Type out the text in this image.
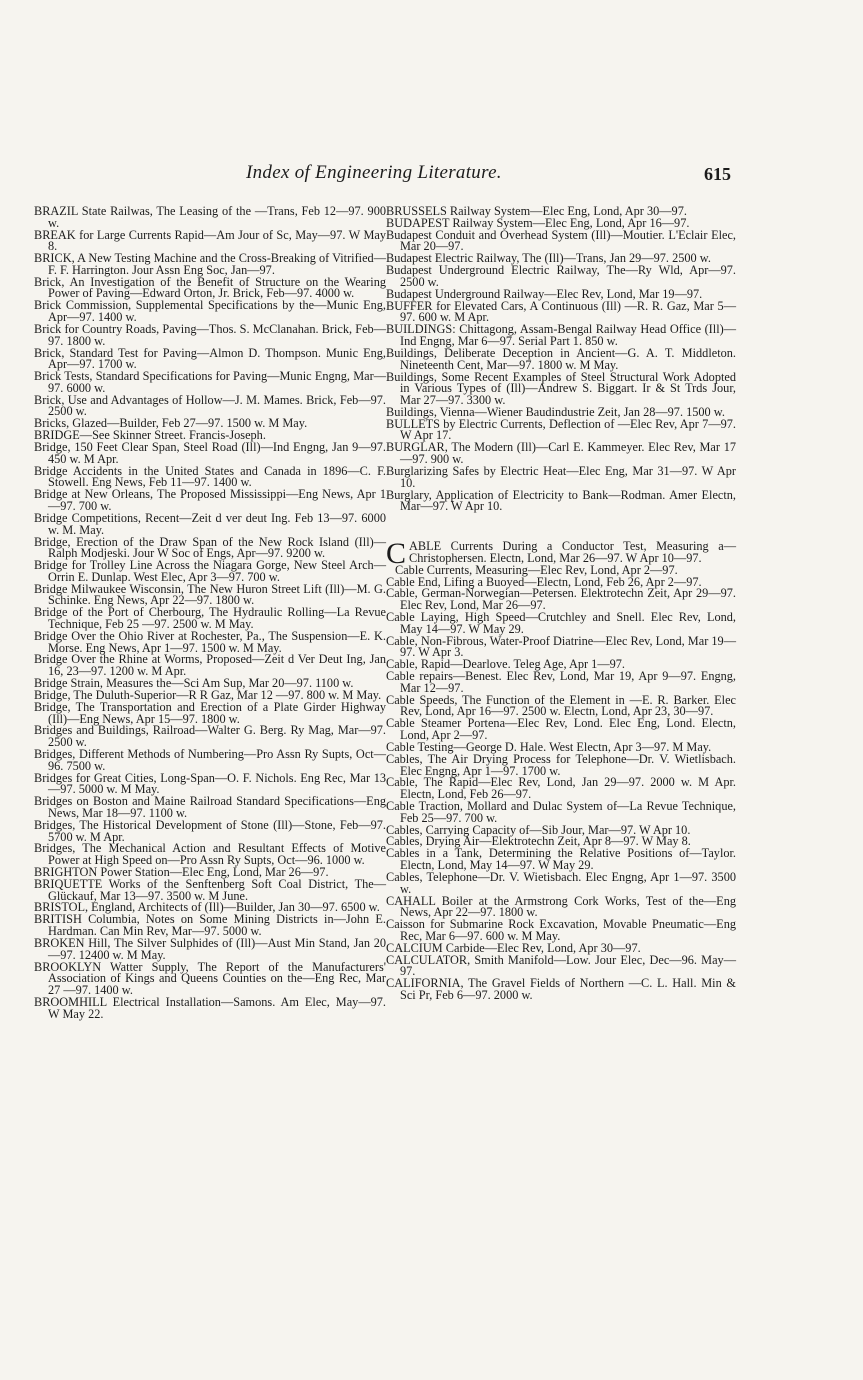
Index of Engineering Literature.	615

BRAZIL State Railwas, The Leasing of the —Trans, Feb 12—97. 900 w.

BREAK for Large Currents Rapid—Am Jour of Sc, May—97. W May 8.

BRICK, A New Testing Machine and the Cross-Breaking of Vitrified—F. F. Harrington. Jour Assn Eng Soc, Jan—97.

Brick, An Investigation of the Benefit of Structure on the Wearing Power of Paving—Edward Orton, Jr. Brick, Feb—97. 4000 w.

Brick Commission, Supplemental Specifications by the—Munic Eng, Apr—97. 1400 w.

Brick for Country Roads, Paving—Thos. S. McClanahan. Brick, Feb—97. 1800 w.

Brick, Standard Test for Paving—Almon D. Thompson. Munic Eng, Apr—97. 1700 w.

Brick Tests, Standard Specifications for Paving—Munic Engng, Mar—97. 6000 w.

Brick, Use and Advantages of Hollow—J. M. Mames. Brick, Feb—97. 2500 w.

Bricks, Glazed—Builder, Feb 27—97. 1500 w. M May.

BRIDGE—See Skinner Street. Francis-Joseph.

Bridge, 150 Feet Clear Span, Steel Road (Ill)—Ind Engng, Jan 9—97. 450 w. M Apr.

Bridge Accidents in the United States and Canada in 1896—C. F. Stowell. Eng News, Feb 11—97. 1400 w.

Bridge at New Orleans, The Proposed Mississippi—Eng News, Apr 1—97. 700 w.

Bridge Competitions, Recent—Zeit d ver deut Ing. Feb 13—97. 6000 w. M. May.

Bridge, Erection of the Draw Span of the New Rock Island (Ill)—Ralph Modjeski. Jour W Soc of Engs, Apr—97. 9200 w.

Bridge for Trolley Line Across the Niagara Gorge, New Steel Arch—Orrin E. Dunlap. West Elec, Apr 3—97. 700 w.

Bridge Milwaukee Wisconsin, The New Huron Street Lift (Ill)—M. G. Schinke. Eng News, Apr 22—97. 1800 w.

Bridge of the Port of Cherbourg, The Hydraulic Rolling—La Revue Technique, Feb 25 —97. 2500 w. M May.

Bridge Over the Ohio River at Rochester, Pa., The Suspension—E. K. Morse. Eng News, Apr 1—97. 1500 w. M May.

Bridge Over the Rhine at Worms, Proposed—Zeit d Ver Deut Ing, Jan 16, 23—97. 1200 w. M Apr.

Bridge Strain, Measures the—Sci Am Sup, Mar 20—97. 1100 w.

Bridge, The Duluth-Superior—R R Gaz, Mar 12 —97. 800 w. M May.

Bridge, The Transportation and Erection of a Plate Girder Highway (Ill)—Eng News, Apr 15—97. 1800 w.

Bridges and Buildings, Railroad—Walter G. Berg. Ry Mag, Mar—97. 2500 w.

Bridges, Different Methods of Numbering—Pro Assn Ry Supts, Oct—96. 7500 w.

Bridges for Great Cities, Long-Span—O. F. Nichols. Eng Rec, Mar 13—97. 5000 w. M May.

Bridges on Boston and Maine Railroad Standard Specifications—Eng News, Mar 18—97. 1100 w.

Bridges, The Historical Development of Stone (Ill)—Stone, Feb—97. 5700 w. M Apr.

Bridges, The Mechanical Action and Resultant Effects of Motive Power at High Speed on—Pro Assn Ry Supts, Oct—96. 1000 w.

BRIGHTON Power Station—Elec Eng, Lond, Mar 26—97.

BRIQUETTE Works of the Senftenberg Soft Coal District, The—Glückauf, Mar 13—97. 3500 w. M June.

BRISTOL, England, Architects of (Ill)—Builder, Jan 30—97. 6500 w.

BRITISH Columbia, Notes on Some Mining Districts in—John E. Hardman. Can Min Rev, Mar—97. 5000 w.

BROKEN Hill, The Silver Sulphides of (Ill)—Aust Min Stand, Jan 20—97. 12400 w. M May.

BROOKLYN Watter Supply, The Report of the Manufacturers' Association of Kings and Queens Counties on the—Eng Rec, Mar 27 —97. 1400 w.

BROOMHILL Electrical Installation—Samons. Am Elec, May—97. W May 22.

BRUSSELS Railway System—Elec Eng, Lond, Apr 30—97.

BUDAPEST Railway System—Elec Eng, Lond, Apr 16—97.

Budapest Conduit and Overhead System (Ill)—Moutier. L'Eclair Elec, Mar 20—97.

Budapest Electric Railway, The (Ill)—Trans, Jan 29—97. 2500 w.

Budapest Underground Electric Railway, The—Ry Wld, Apr—97. 2500 w.

Budapest Underground Railway—Elec Rev, Lond, Mar 19—97.

BUFFER for Elevated Cars, A Continuous (Ill) —R. R. Gaz, Mar 5—97. 600 w. M Apr.

BUILDINGS: Chittagong, Assam-Bengal Railway Head Office (Ill)—Ind Engng, Mar 6—97. Serial Part 1. 850 w.

Buildings, Deliberate Deception in Ancient—G. A. T. Middleton. Nineteenth Cent, Mar—97. 1800 w. M May.

Buildings, Some Recent Examples of Steel Structural Work Adopted in Various Types of (Ill)—Andrew S. Biggart. Ir & St Trds Jour, Mar 27—97. 3300 w.

Buildings, Vienna—Wiener Baudindustrie Zeit, Jan 28—97. 1500 w.

BULLETS by Electric Currents, Deflection of —Elec Rev, Apr 7—97. W Apr 17.

BURGLAR, The Modern (Ill)—Carl E. Kammeyer. Elec Rev, Mar 17—97. 900 w.

Burglarizing Safes by Electric Heat—Elec Eng, Mar 31—97. W Apr 10.

Burglary, Application of Electricity to Bank—Rodman. Amer Electn, Mar—97. W Apr 10.

CABLE Currents During a Conductor Test, Measuring a—Christophersen. Electn, Lond, Mar 26—97. W Apr 10—97.

Cable Currents, Measuring—Elec Rev, Lond, Apr 2—97.

Cable End, Lifing a Buoyed—Electn, Lond, Feb 26, Apr 2—97.

Cable, German-Norwegian—Petersen. Elektrotechn Zeit, Apr 29—97. Elec Rev, Lond, Mar 26—97.

Cable Laying, High Speed—Crutchley and Snell. Elec Rev, Lond, May 14—97. W May 29.

Cable, Non-Fibrous, Water-Proof Diatrine—Elec Rev, Lond, Mar 19—97. W Apr 3.

Cable, Rapid—Dearlove. Teleg Age, Apr 1—97.

Cable repairs—Benest. Elec Rev, Lond, Mar 19, Apr 9—97. Engng, Mar 12—97.

Cable Speeds, The Function of the Element in —E. R. Barker. Elec Rev, Lond, Apr 16—97. 2500 w. Electn, Lond, Apr 23, 30—97.

Cable Steamer Portena—Elec Rev, Lond. Elec Eng, Lond. Electn, Lond, Apr 2—97.

Cable Testing—George D. Hale. West Electn, Apr 3—97. M May.

Cables, The Air Drying Process for Telephone—Dr. V. Wietlisbach. Elec Engng, Apr 1—97. 1700 w.

Cable, The Rapid—Elec Rev, Lond, Jan 29—97. 2000 w. M Apr. Electn, Lond, Feb 26—97.

Cable Traction, Mollard and Dulac System of—La Revue Technique, Feb 25—97. 700 w.

Cables, Carrying Capacity of—Sib Jour, Mar—97. W Apr 10.

Cables, Drying Air—Elektrotechn Zeit, Apr 8—97. W May 8.

Cables in a Tank, Determining the Relative Positions of—Taylor. Electn, Lond, May 14—97. W May 29.

Cables, Telephone—Dr. V. Wietisbach. Elec Engng, Apr 1—97. 3500 w.

CAHALL Boiler at the Armstrong Cork Works, Test of the—Eng News, Apr 22—97. 1800 w.

Caisson for Submarine Rock Excavation, Movable Pneumatic—Eng Rec, Mar 6—97. 600 w. M May.

CALCIUM Carbide—Elec Rev, Lond, Apr 30—97.

CALCULATOR, Smith Manifold—Low. Jour Elec, Dec—96. May—97.

CALIFORNIA, The Gravel Fields of Northern —C. L. Hall. Min & Sci Pr, Feb 6—97. 2000 w.
